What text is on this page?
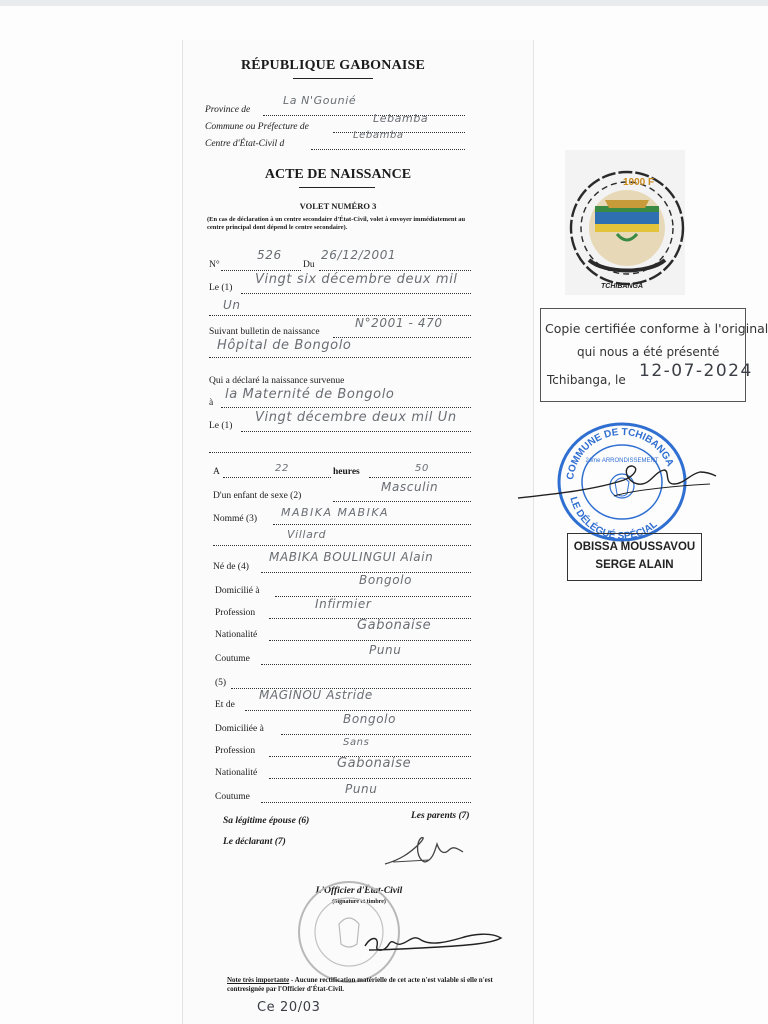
RÉPUBLIQUE GABONAISE
Province de
La N'Gounié
Commune ou Préfecture de
Lebamba
Centre d'État-Civil d
Lebamba
ACTE DE NAISSANCE
VOLET NUMÉRO 3
(En cas de déclaration à un centre secondaire d'État-Civil, volet à envoyer immédiatement au centre principal dont dépend le centre secondaire).
N°
526
Du
26/12/2001
Le (1)
Vingt six décembre deux mil
Un
Suivant bulletin de naissance
N°2001 - 470
Hôpital de Bongolo
Qui a déclaré la naissance survenue
à
la Maternité de Bongolo
Le (1)
Vingt décembre deux mil Un
A	22	heures	50
D'un enfant de sexe (2)
Masculin
Nommé (3) MABIKA MABIKA
Villard
Né de (4)
MABIKA BOULINGUI Alain
Domicilié à
Bongolo
Profession
Infirmier
Nationalité
Gabonaise
Coutume
Punu
(5)
Et de
MAGINOU Astride
Domiciliée à
Bongolo
Profession
Sans
Nationalité
Gabonaise
Coutume
Punu
Sa légitime épouse (6)	Les parents (7)
Le déclarant (7)
L'Officier d'État-Civil
(Signature et timbre)
Note très importante - Aucune rectification matérielle de cet acte n'est valable si elle n'est contresignée par l'Officier d'État-Civil.
Ce 20/03
1000 F
TCHIBANGA
Copie certifiée conforme à l'original
qui nous a été présenté
Tchibanga, le 12-07-2024
COMMUNE DE TCHIBANGA
2ème ARRONDISSEMENT
LE DÉLÉGUÉ SPÉCIAL
OBISSA MOUSSAVOU
SERGE ALAIN
